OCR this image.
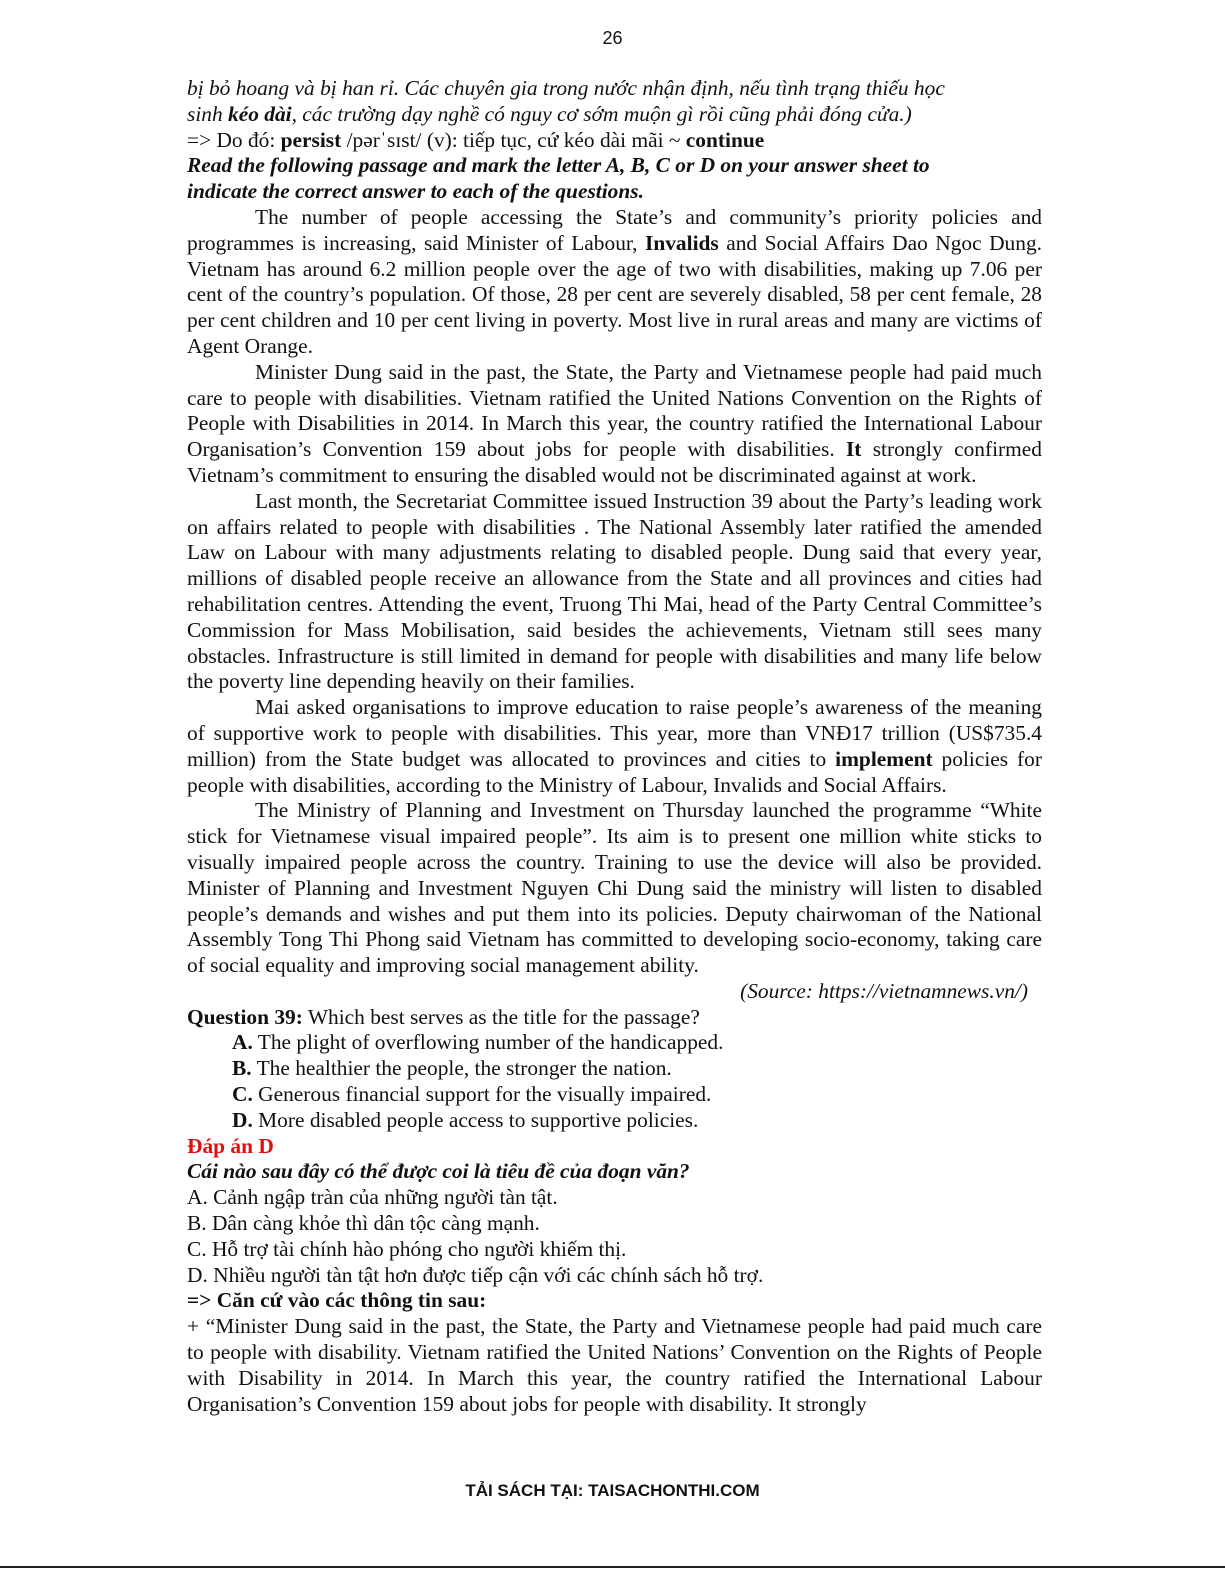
26
bị bỏ hoang và bị han rỉ. Các chuyên gia trong nước nhận định, nếu tình trạng thiếu học
sinh kéo dài, các trường dạy nghề có nguy cơ sớm muộn gì rồi cũng phải đóng cửa.)
=> Do đó: persist /pərˈsɪst/ (v): tiếp tục, cứ kéo dài mãi ~ continue
Read the following passage and mark the letter A, B, C or D on your answer sheet to
indicate the correct answer to each of the questions.
The number of people accessing the State’s and community’s priority policies and programmes is increasing, said Minister of Labour, Invalids and Social Affairs Dao Ngoc Dung. Vietnam has around 6.2 million people over the age of two with disabilities, making up 7.06 per cent of the country’s population. Of those, 28 per cent are severely disabled, 58 per cent female, 28 per cent children and 10 per cent living in poverty. Most live in rural areas and many are victims of Agent Orange.
Minister Dung said in the past, the State, the Party and Vietnamese people had paid much care to people with disabilities. Vietnam ratified the United Nations Convention on the Rights of People with Disabilities in 2014. In March this year, the country ratified the International Labour Organisation’s Convention 159 about jobs for people with disabilities. It strongly confirmed Vietnam’s commitment to ensuring the disabled would not be discriminated against at work.
Last month, the Secretariat Committee issued Instruction 39 about the Party’s leading work on affairs related to people with disabilities . The National Assembly later ratified the amended Law on Labour with many adjustments relating to disabled people. Dung said that every year, millions of disabled people receive an allowance from the State and all provinces and cities had rehabilitation centres. Attending the event, Truong Thi Mai, head of the Party Central Committee’s Commission for Mass Mobilisation, said besides the achievements, Vietnam still sees many obstacles. Infrastructure is still limited in demand for people with disabilities and many life below the poverty line depending heavily on their families.
Mai asked organisations to improve education to raise people’s awareness of the meaning of supportive work to people with disabilities. This year, more than VNĐ17 trillion (US$735.4 million) from the State budget was allocated to provinces and cities to implement policies for people with disabilities, according to the Ministry of Labour, Invalids and Social Affairs.
The Ministry of Planning and Investment on Thursday launched the programme “White stick for Vietnamese visual impaired people”. Its aim is to present one million white sticks to visually impaired people across the country. Training to use the device will also be provided. Minister of Planning and Investment Nguyen Chi Dung said the ministry will listen to disabled people’s demands and wishes and put them into its policies. Deputy chairwoman of the National Assembly Tong Thi Phong said Vietnam has committed to developing socio-economy, taking care of social equality and improving social management ability.
(Source: https://vietnamnews.vn/)
Question 39: Which best serves as the title for the passage?
A. The plight of overflowing number of the handicapped.
B. The healthier the people, the stronger the nation.
C. Generous financial support for the visually impaired.
D. More disabled people access to supportive policies.
Đáp án D
Cái nào sau đây có thể được coi là tiêu đề của đoạn văn?
A. Cảnh ngập tràn của những người tàn tật.
B. Dân càng khỏe thì dân tộc càng mạnh.
C. Hỗ trợ tài chính hào phóng cho người khiếm thị.
D. Nhiều người tàn tật hơn được tiếp cận với các chính sách hỗ trợ.
=> Căn cứ vào các thông tin sau:
+ “Minister Dung said in the past, the State, the Party and Vietnamese people had paid much care to people with disability. Vietnam ratified the United Nations’ Convention on the Rights of People with Disability in 2014. In March this year, the country ratified the International Labour Organisation’s Convention 159 about jobs for people with disability. It strongly
TẢI SÁCH TẠI: TAISACHONTHI.COM
